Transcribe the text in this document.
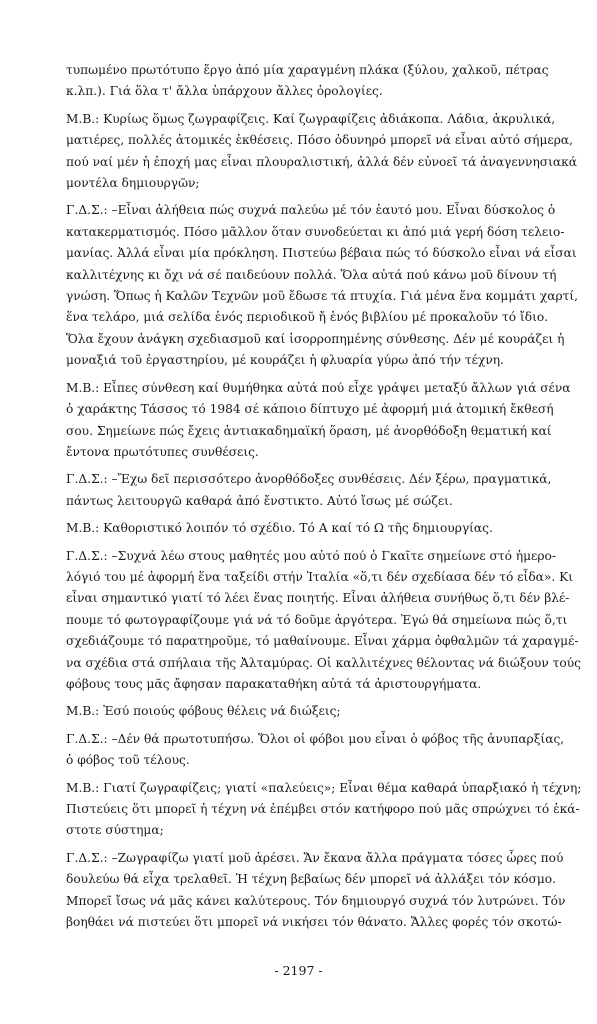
τυπωμένο πρωτότυπο ἔργο ἀπό μία χαραγμένη πλάκα (ξύλου, χαλκοῦ, πέτρας
κ.λπ.). Γιά ὅλα τ' ἄλλα ὑπάρχουν ἄλλες ὁρολογίες.

Μ.Β.: Κυρίως ὅμως ζωγραφίζεις. Καί ζωγραφίζεις ἀδιάκοπα. Λάδια, ἀκρυλικά,
ματιέρες, πολλές ἀτομικές ἐκθέσεις. Πόσο ὀδυνηρό μπορεῖ νά εἶναι αὐτό σήμερα,
πού ναί μέν ἡ ἐποχή μας εἶναι πλουραλιστική, ἀλλά δέν εὐνοεῖ τά ἀναγεννησιακά
μοντέλα δημιουργῶν;

Γ.Δ.Σ.: –Εἶναι ἀλήθεια πώς συχνά παλεύω μέ τόν ἑαυτό μου. Εἶναι δύσκολος ὁ
κατακερματισμός. Πόσο μᾶλλον ὅταν συνοδεύεται κι ἀπό μιά γερή δόση τελειο-
μανίας. Ἀλλά εἶναι μία πρόκληση. Πιστεύω βέβαια πώς τό δύσκολο εἶναι νά εἶσαι
καλλιτέχνης κι ὄχι νά σέ παιδεύουν πολλά. Ὅλα αὐτά πού κάνω μοῦ δίνουν τή
γνώση. Ὅπως ἡ Καλῶν Τεχνῶν μοῦ ἔδωσε τά πτυχία. Γιά μένα ἕνα κομμάτι χαρτί,
ἕνα τελάρο, μιά σελίδα ἑνός περιοδικοῦ ἤ ἑνός βιβλίου μέ προκαλοῦν τό ἴδιο.
Ὅλα ἔχουν ἀνάγκη σχεδιασμοῦ καί ἰσορροπημένης σύνθεσης. Δέν μέ κουράζει ἡ
μοναξιά τοῦ ἐργαστηρίου, μέ κουράζει ἡ φλυαρία γύρω ἀπό τήν τέχνη.

Μ.Β.: Εἶπες σύνθεση καί θυμήθηκα αὐτά πού εἶχε γράψει μεταξύ ἄλλων γιά σένα
ὁ χαράκτης Τάσσος τό 1984 σέ κάποιο δίπτυχο μέ ἀφορμή μιά ἀτομική ἔκθεσή
σου. Σημείωνε πώς ἔχεις ἀντιακαδημαϊκή ὅραση, μέ ἀνορθόδοξη θεματική καί
ἔντονα πρωτότυπες συνθέσεις.

Γ.Δ.Σ.: –Ἔχω δεῖ περισσότερο ἀνορθόδοξες συνθέσεις. Δέν ξέρω, πραγματικά,
πάντως λειτουργῶ καθαρά ἀπό ἔνστικτο. Αὐτό ἴσως μέ σώζει.

Μ.Β.: Καθοριστικό λοιπόν τό σχέδιο. Τό Α καί τό Ω τῆς δημιουργίας.

Γ.Δ.Σ.: –Συχνά λέω στους μαθητές μου αὐτό πού ὁ Γκαῖτε σημείωνε στό ἡμερο-
λόγιό του μέ ἀφορμή ἕνα ταξείδι στήν Ἰταλία «ὅ,τι δέν σχεδίασα δέν τό εἶδα». Κι
εἶναι σημαντικό γιατί τό λέει ἕνας ποιητής. Εἶναι ἀλήθεια συνήθως ὅ,τι δέν βλέ-
πουμε τό φωτογραφίζουμε γιά νά τό δοῦμε ἀργότερα. Ἐγώ θά σημείωνα πώς ὅ,τι
σχεδιάζουμε τό παρατηροῦμε, τό μαθαίνουμε. Εἶναι χάρμα ὀφθαλμῶν τά χαραγμέ-
να σχέδια στά σπήλαια τῆς Ἀλταμύρας. Οἱ καλλιτέχνες θέλοντας νά διώξουν τούς
φόβους τους μᾶς ἄφησαν παρακαταθήκη αὐτά τά ἀριστουργήματα.

Μ.Β.: Ἐσύ ποιούς φόβους θέλεις νά διώξεις;

Γ.Δ.Σ.: –Δέν θά πρωτοτυπήσω. Ὅλοι οἱ φόβοι μου εἶναι ὁ φόβος τῆς ἀνυπαρξίας,
ὁ φόβος τοῦ τέλους.

Μ.Β.: Γιατί ζωγραφίζεις; γιατί «παλεύεις»; Εἶναι θέμα καθαρά ὑπαρξιακό ἡ τέχνη;
Πιστεύεις ὅτι μπορεῖ ἡ τέχνη νά ἐπέμβει στόν κατήφορο πού μᾶς σπρώχνει τό ἑκά-
στοτε σύστημα;

Γ.Δ.Σ.: –Ζωγραφίζω γιατί μοῦ ἀρέσει. Ἄν ἔκανα ἄλλα πράγματα τόσες ὧρες πού
δουλεύω θά εἶχα τρελαθεῖ. Ἡ τέχνη βεβαίως δέν μπορεῖ νά ἀλλάξει τόν κόσμο.
Μπορεῖ ἴσως νά μᾶς κάνει καλύτερους. Τόν δημιουργό συχνά τόν λυτρώνει. Τόν
βοηθάει νά πιστεύει ὅτι μπορεῖ νά νικήσει τόν θάνατο. Ἄλλες φορές τόν σκοτώ-

- 2197 -
